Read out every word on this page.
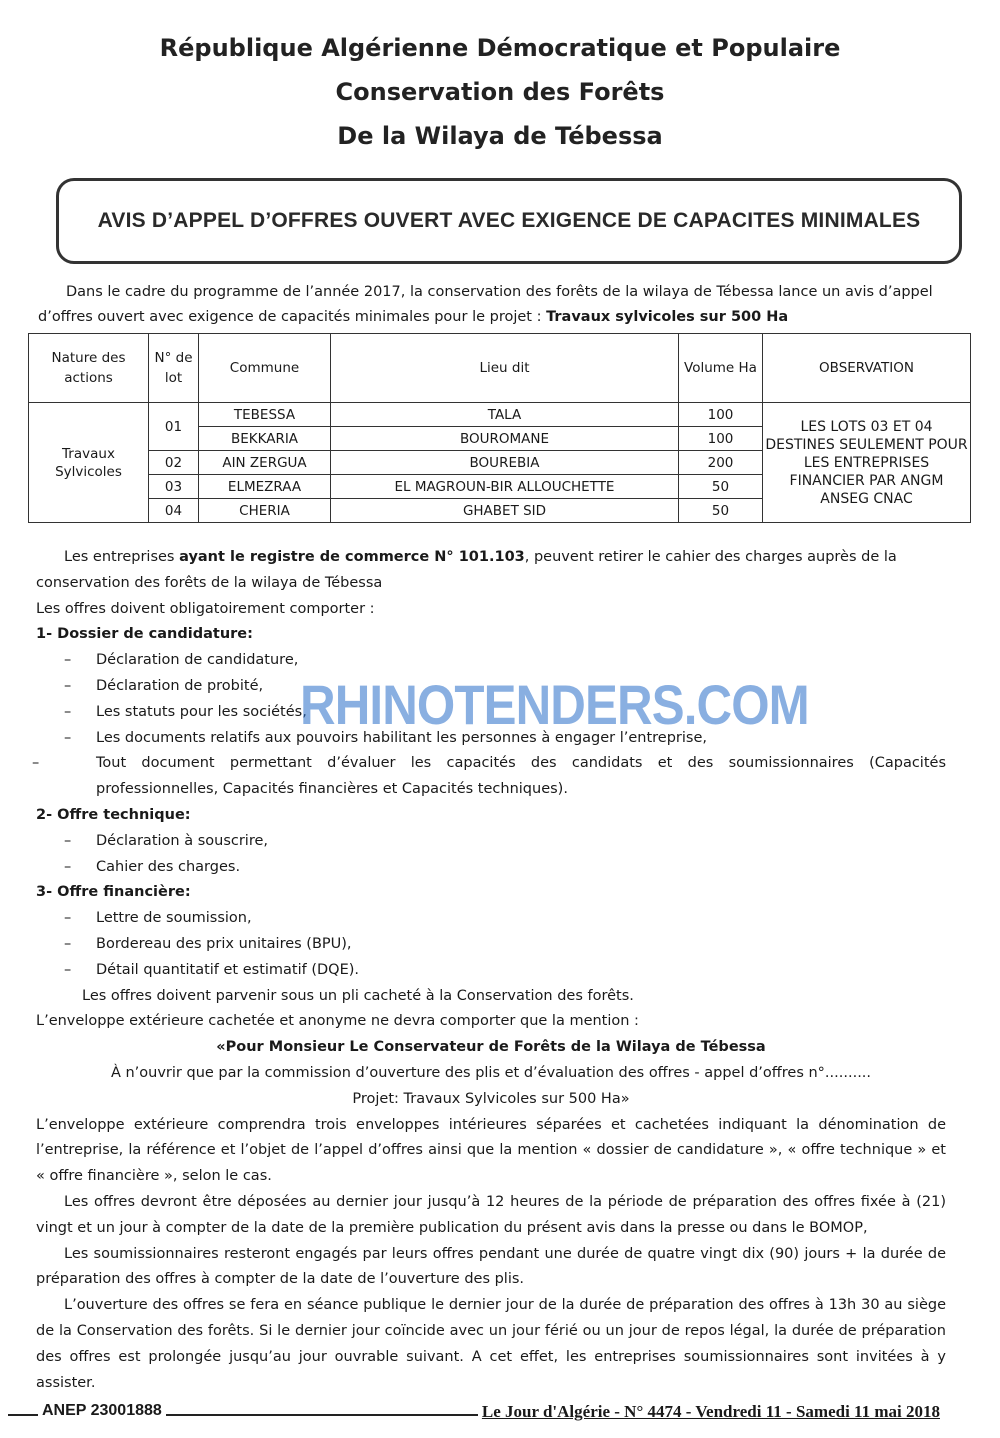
République Algérienne Démocratique et Populaire
Conservation des Forêts
De la Wilaya de Tébessa
AVIS D’APPEL D’OFFRES OUVERT AVEC EXIGENCE DE CAPACITES MINIMALES

Dans le cadre du programme de l’année 2017, la conservation des forêts de la wilaya de Tébessa lance un avis d’appel

d’offres ouvert avec exigence de capacités minimales pour le projet : Travaux sylvicoles sur 500 Ha

Nature des actions	N° de lot	Commune	Lieu dit	Volume Ha	OBSERVATION
Travaux Sylvicoles	01	TEBESSA	TALA	100	LES LOTS 03 ET 04 DESTINES SEULEMENT POUR LES ENTREPRISES FINANCIER PAR ANGM ANSEG CNAC
		BEKKARIA	BOUROMANE	100	
	02	AIN ZERGUA	BOUREBIA	200	
	03	ELMEZRAA	EL MAGROUN-BIR ALLOUCHETTE	50	
	04	CHERIA	GHABET SID	50	

Les entreprises ayant le registre de commerce N° 101.103, peuvent retirer le cahier des charges auprès de la

conservation des forêts de la wilaya de Tébessa

Les offres doivent obligatoirement comporter :

1- Dossier de candidature:

– Déclaration de candidature,

– Déclaration de probité,

– Les statuts pour les sociétés,

– Les documents relatifs aux pouvoirs habilitant les personnes à engager l’entreprise,

–	Tout document permettant d’évaluer les capacités des candidats et des soumissionnaires (Capacités professionnelles, Capacités financières et Capacités techniques).

2- Offre technique:

– Déclaration à souscrire,

– Cahier des charges.

3- Offre financière:

– Lettre de soumission,

– Bordereau des prix unitaires (BPU),

– Détail quantitatif et estimatif (DQE).

Les offres doivent parvenir sous un pli cacheté à la Conservation des forêts.

L’enveloppe extérieure cachetée et anonyme ne devra comporter que la mention :

«Pour Monsieur Le Conservateur de Forêts de la Wilaya de Tébessa

À n’ouvrir que par la commission d’ouverture des plis et d’évaluation des offres - appel d’offres n°..........

Projet: Travaux Sylvicoles sur 500 Ha»

L’enveloppe extérieure comprendra trois enveloppes intérieures séparées et cachetées indiquant la dénomination de l’entreprise, la référence et l’objet de l’appel d’offres ainsi que la mention « dossier de candidature », « offre technique » et « offre financière », selon le cas.

Les offres devront être déposées au dernier jour jusqu’à 12 heures de la période de préparation des offres fixée à (21) vingt et un jour à compter de la date de la première publication du présent avis dans la presse ou dans le BOMOP,

Les soumissionnaires resteront engagés par leurs offres pendant une durée de quatre vingt dix (90) jours + la durée de préparation des offres à compter de la date de l’ouverture des plis.

L’ouverture des offres se fera en séance publique le dernier jour de la durée de préparation des offres à 13h 30 au siège de la Conservation des forêts. Si le dernier jour coïncide avec un jour férié ou un jour de repos légal, la durée de préparation des offres est prolongée jusqu’au jour ouvrable suivant. A cet effet, les entreprises soumissionnaires sont invitées à y assister.

RHINOTENDERS.COM
ANEP 23001888	Le Jour d'Algérie - N° 4474 - Vendredi 11 - Samedi 11 mai 2018
